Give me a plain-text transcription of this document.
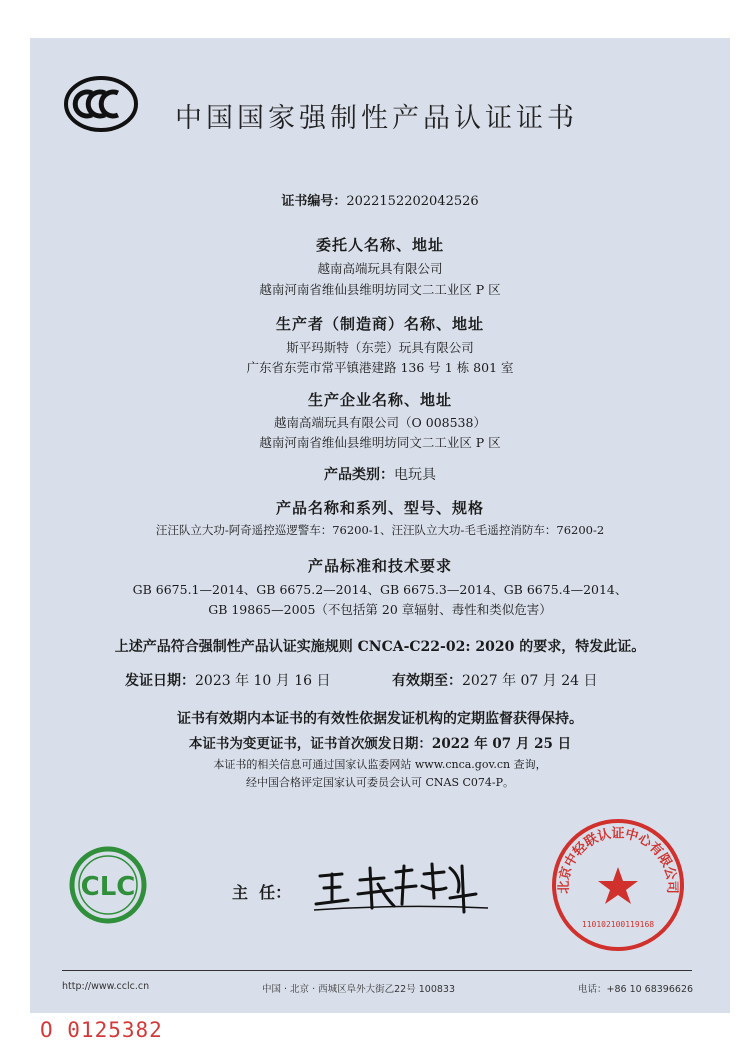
中国国家强制性产品认证证书
证书编号：2022152202042526
委托人名称、地址
越南高端玩具有限公司
越南河南省维仙县维明坊同文二工业区 P 区
生产者（制造商）名称、地址
斯平玛斯特（东莞）玩具有限公司
广东省东莞市常平镇港建路 136 号 1 栋 801 室
生产企业名称、地址
越南高端玩具有限公司（O 008538）
越南河南省维仙县维明坊同文二工业区 P 区
产品类别：电玩具
产品名称和系列、型号、规格
汪汪队立大功-阿奇遥控巡逻警车：76200-1、汪汪队立大功-毛毛遥控消防车：76200-2
产品标准和技术要求
GB 6675.1—2014、GB 6675.2—2014、GB 6675.3—2014、GB 6675.4—2014、
GB 19865—2005（不包括第 20 章辐射、毒性和类似危害）
上述产品符合强制性产品认证实施规则 CNCA-C22-02: 2020 的要求，特发此证。
发证日期：2023 年 10 月 16 日	有效期至：2027 年 07 月 24 日
证书有效期内本证书的有效性依据发证机构的定期监督获得保持。
本证书为变更证书，证书首次颁发日期：2022 年 07 月 25 日
本证书的相关信息可通过国家认监委网站 www.cnca.gov.cn 查询，
经中国合格评定国家认可委员会认可 CNAS C074-P。
CLC	主  任：	北京中轻联认证中心有限公司
110102100119168
http://www.cclc.cn	中国 · 北京 · 西城区阜外大街乙22号 100833	电话：+86 10 68396626
O 0125382
